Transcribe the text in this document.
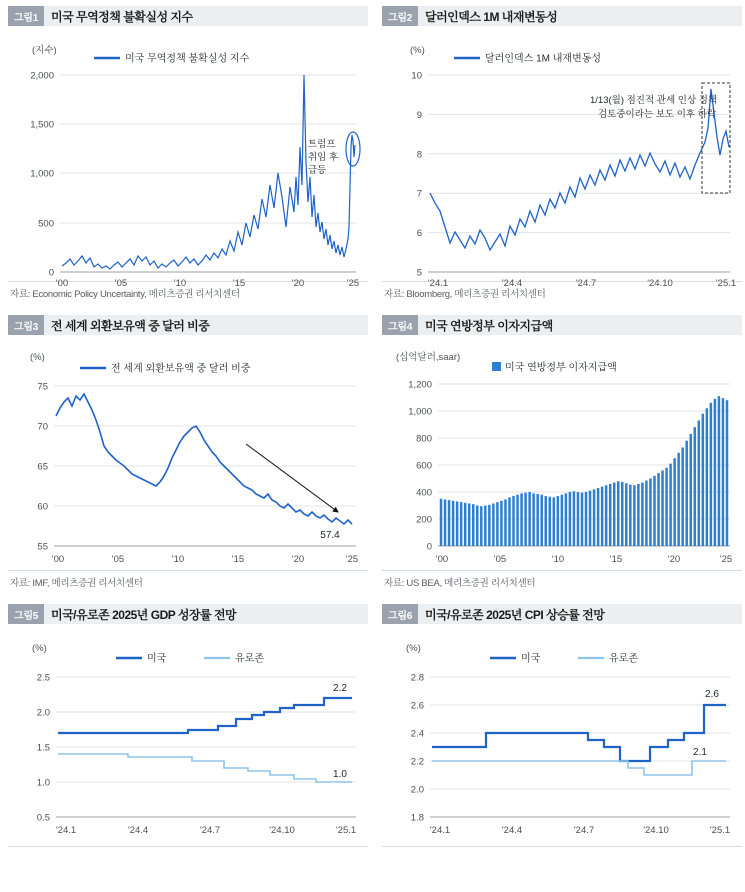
그림1	미국 무역정책 불확실성 지수
(지수)
미국 무역정책 불확실성 지수
2,000
1,500
1,000
500
0
트럼프
취임 후
급등
'00	'05	'10	'15	'20	'25
자료: Economic Policy Uncertainty, 메리츠증권 리서치센터
그림2	달러인덱스 1M 내재변동성
(%)
달러인덱스 1M 내재변동성
10
9
8
7
6
5
1/13(월) 점진적 관세 인상 정책
검토중이라는 보도 이후 하락
'24.1	'24.4	'24.7	'24.10	'25.1
자료: Bloomberg, 메리츠증권 리서치센터
그림3	전 세계 외환보유액 중 달러 비중
(%)
전 세계 외환보유액 중 달러 비중
75
70
65
60
55
57.4
'00	'05	'10	'15	'20	'25
자료: IMF, 메리츠증권 리서치센터
그림4	미국 연방정부 이자지급액
(십억달러,saar)
미국 연방정부 이자지급액
1,200
1,000
800
600
400
200
0
'00	'05	'10	'15	'20	'25
자료: US BEA, 메리츠증권 리서치센터
그림5	미국/유로존 2025년 GDP 성장률 전망
(%)
미국	유로존
2.5
2.0
1.5
1.0
0.5
2.2
1.0
'24.1	'24.4	'24.7	'24.10	'25.1
그림6	미국/유로존 2025년 CPI 상승률 전망
(%)
미국	유로존
2.8
2.6
2.4
2.2
2.0
1.8
2.6
2.1
'24.1	'24.4	'24.7	'24.10	'25.1
